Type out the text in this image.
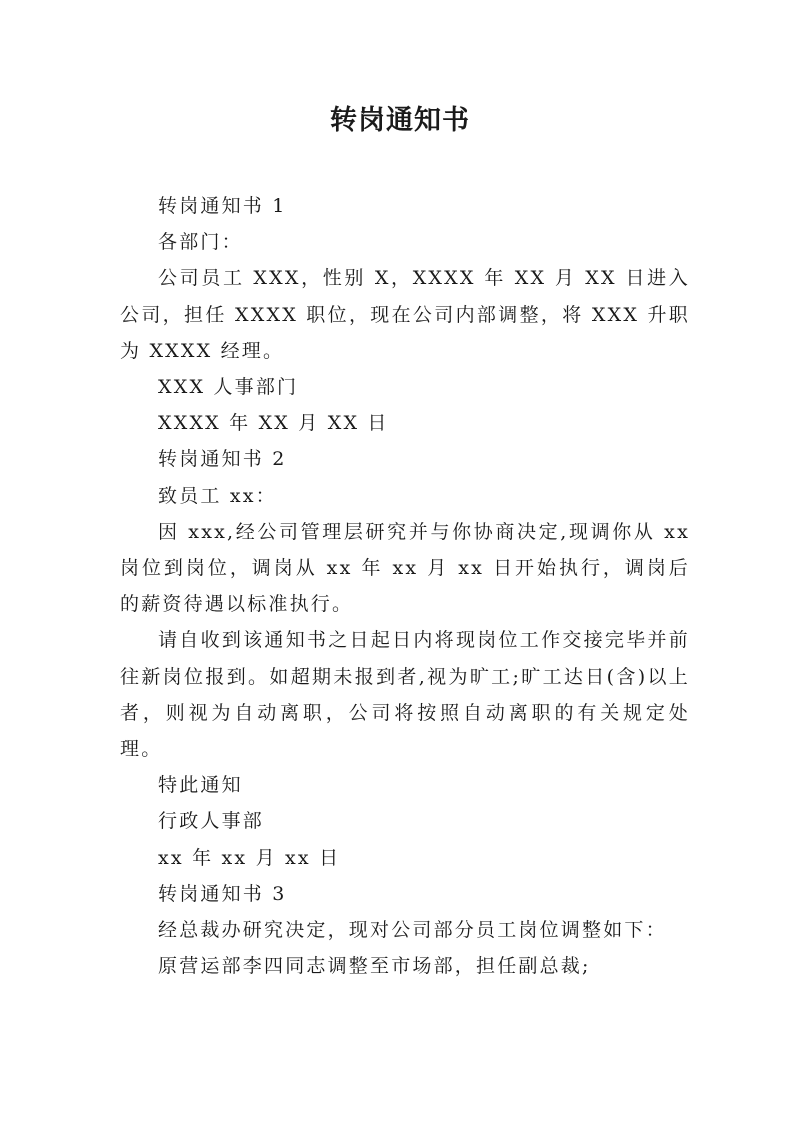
转岗通知书

转岗通知书 1

各部门：

公司员工 XXX，性别 X，XXXX 年 XX 月 XX 日进入公司，担任 XXXX 职位，现在公司内部调整，将 XXX 升职为 XXXX 经理。

XXX 人事部门

XXXX 年 XX 月 XX 日

转岗通知书 2

致员工 xx：

因 xxx,经公司管理层研究并与你协商决定,现调你从 xx 岗位到岗位，调岗从 xx 年 xx 月 xx 日开始执行，调岗后的薪资待遇以标准执行。

请自收到该通知书之日起日内将现岗位工作交接完毕并前往新岗位报到。如超期未报到者,视为旷工;旷工达日(含)以上者，则视为自动离职，公司将按照自动离职的有关规定处理。

特此通知

行政人事部

xx 年 xx 月 xx 日

转岗通知书 3

经总裁办研究决定，现对公司部分员工岗位调整如下：

原营运部李四同志调整至市场部，担任副总裁;
